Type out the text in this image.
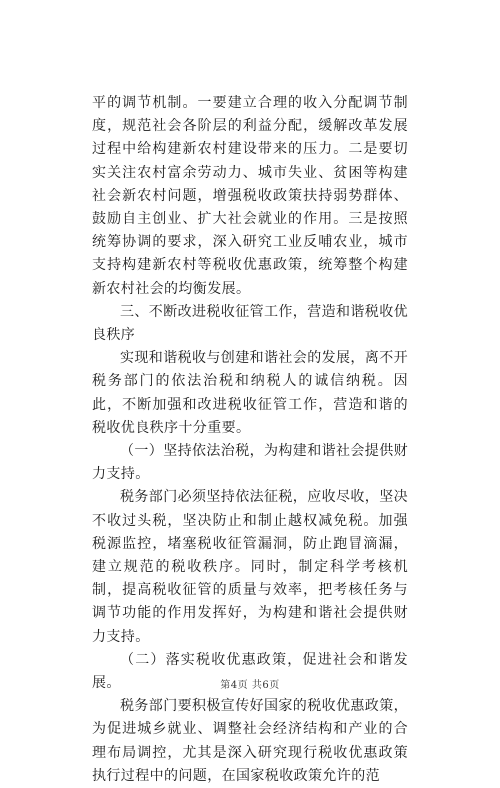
平的调节机制。一要建立合理的收入分配调节制度，规范社会各阶层的利益分配，缓解改革发展过程中给构建新农村建设带来的压力。二是要切实关注农村富余劳动力、城市失业、贫困等构建社会新农村问题，增强税收政策扶持弱势群体、鼓励自主创业、扩大社会就业的作用。三是按照统筹协调的要求，深入研究工业反哺农业，城市支持构建新农村等税收优惠政策，统筹整个构建新农村社会的均衡发展。

三、不断改进税收征管工作，营造和谐税收优良秩序

实现和谐税收与创建和谐社会的发展，离不开税务部门的依法治税和纳税人的诚信纳税。因此，不断加强和改进税收征管工作，营造和谐的税收优良秩序十分重要。

（一）坚持依法治税，为构建和谐社会提供财力支持。

税务部门必须坚持依法征税，应收尽收，坚决不收过头税，坚决防止和制止越权减免税。加强税源监控，堵塞税收征管漏洞，防止跑冒滴漏，建立规范的税收秩序。同时，制定科学考核机制，提高税收征管的质量与效率，把考核任务与调节功能的作用发挥好，为构建和谐社会提供财力支持。

（二）落实税收优惠政策，促进社会和谐发展。

税务部门要积极宣传好国家的税收优惠政策，为促进城乡就业、调整社会经济结构和产业的合理布局调控，尤其是深入研究现行税收优惠政策执行过程中的问题，在国家税收政策允许的范

第4页 共6页
